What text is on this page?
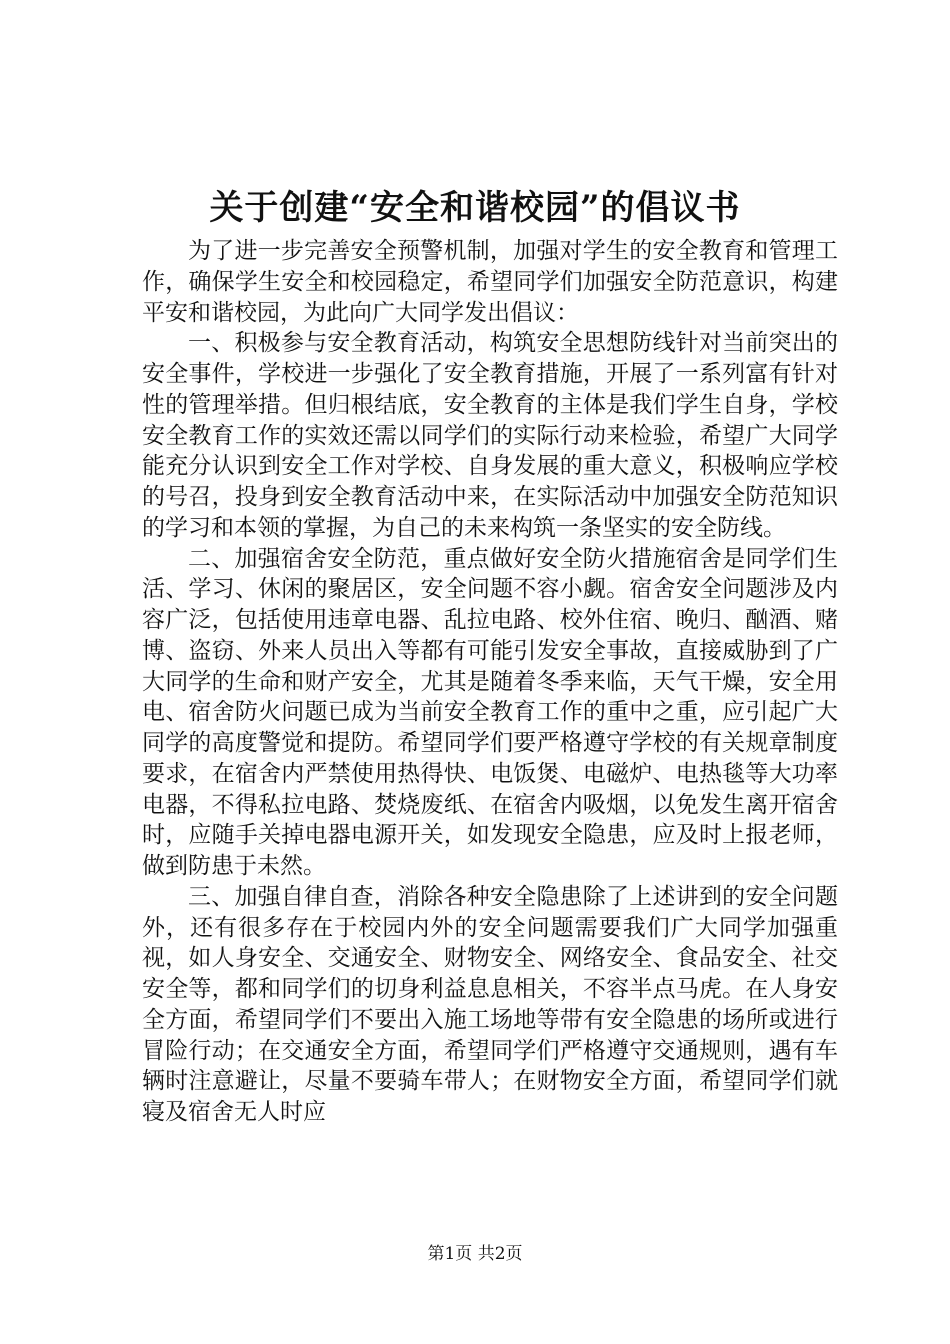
关于创建“安全和谐校园”的倡议书

为了进一步完善安全预警机制，加强对学生的安全教育和管理工作，确保学生安全和校园稳定，希望同学们加强安全防范意识，构建平安和谐校园，为此向广大同学发出倡议：

一、积极参与安全教育活动，构筑安全思想防线针对当前突出的安全事件，学校进一步强化了安全教育措施，开展了一系列富有针对性的管理举措。但归根结底，安全教育的主体是我们学生自身，学校安全教育工作的实效还需以同学们的实际行动来检验，希望广大同学能充分认识到安全工作对学校、自身发展的重大意义，积极响应学校的号召，投身到安全教育活动中来，在实际活动中加强安全防范知识的学习和本领的掌握，为自己的未来构筑一条坚实的安全防线。

二、加强宿舍安全防范，重点做好安全防火措施宿舍是同学们生活、学习、休闲的聚居区，安全问题不容小觑。宿舍安全问题涉及内容广泛，包括使用违章电器、乱拉电路、校外住宿、晚归、酗酒、赌博、盗窃、外来人员出入等都有可能引发安全事故，直接威胁到了广大同学的生命和财产安全，尤其是随着冬季来临，天气干燥，安全用电、宿舍防火问题已成为当前安全教育工作的重中之重，应引起广大同学的高度警觉和提防。希望同学们要严格遵守学校的有关规章制度要求，在宿舍内严禁使用热得快、电饭煲、电磁炉、电热毯等大功率电器，不得私拉电路、焚烧废纸、在宿舍内吸烟，以免发生离开宿舍时，应随手关掉电器电源开关，如发现安全隐患，应及时上报老师，做到防患于未然。

三、加强自律自查，消除各种安全隐患除了上述讲到的安全问题外，还有很多存在于校园内外的安全问题需要我们广大同学加强重视，如人身安全、交通安全、财物安全、网络安全、食品安全、社交安全等，都和同学们的切身利益息息相关，不容半点马虎。在人身安全方面，希望同学们不要出入施工场地等带有安全隐患的场所或进行冒险行动；在交通安全方面，希望同学们严格遵守交通规则，遇有车辆时注意避让，尽量不要骑车带人；在财物安全方面，希望同学们就寝及宿舍无人时应

第1页 共2页
